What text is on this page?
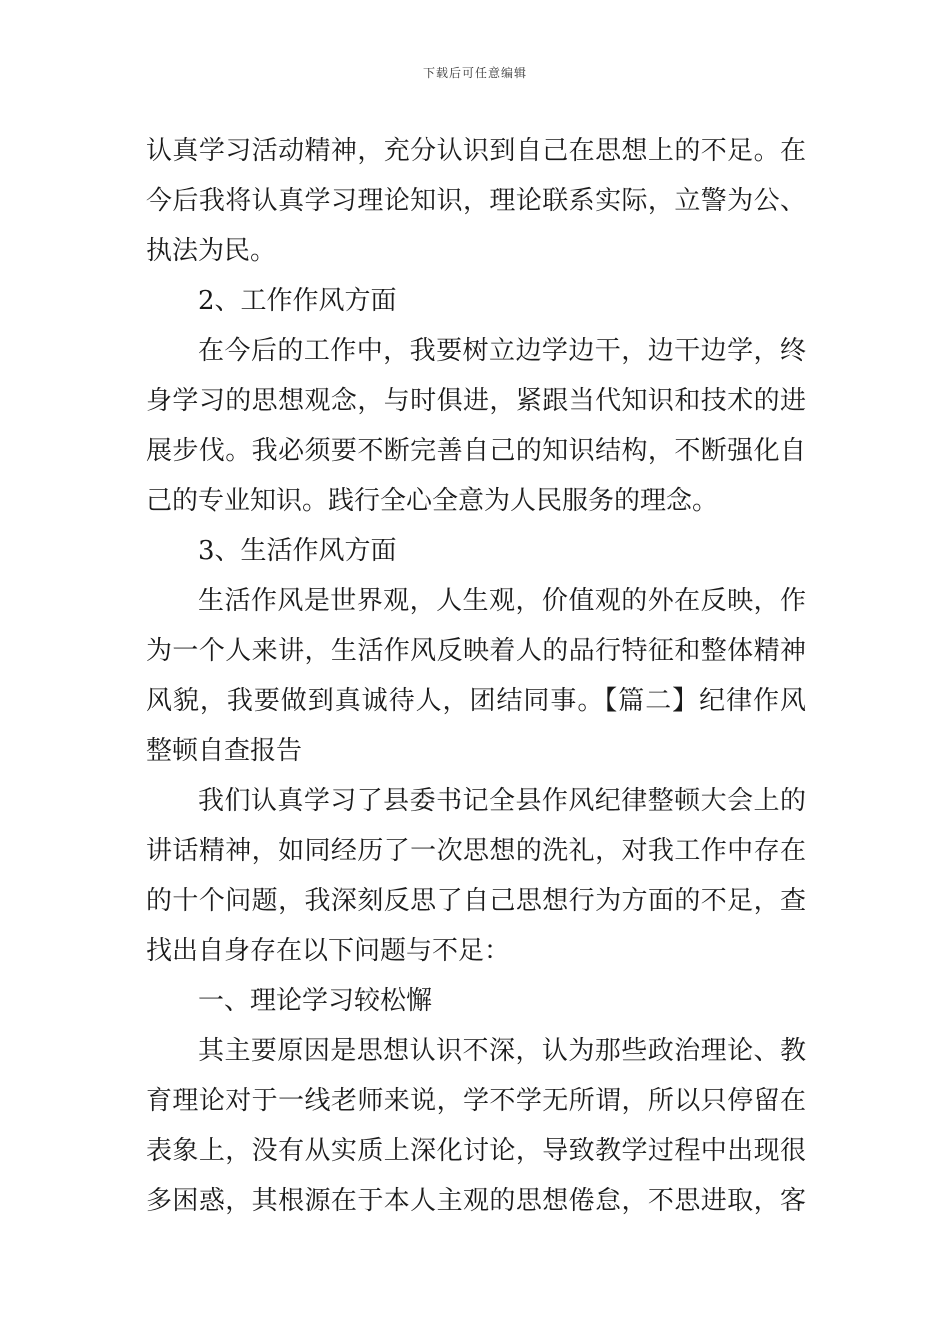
下载后可任意编辑
认真学习活动精神，充分认识到自己在思想上的不足。在
今后我将认真学习理论知识，理论联系实际，立警为公、
执法为民。
2、工作作风方面
在今后的工作中，我要树立边学边干，边干边学，终
身学习的思想观念，与时俱进，紧跟当代知识和技术的进
展步伐。我必须要不断完善自己的知识结构，不断强化自
己的专业知识。践行全心全意为人民服务的理念。
3、生活作风方面
生活作风是世界观，人生观，价值观的外在反映，作
为一个人来讲，生活作风反映着人的品行特征和整体精神
风貌，我要做到真诚待人，团结同事。【篇二】纪律作风
整顿自查报告
我们认真学习了县委书记全县作风纪律整顿大会上的
讲话精神，如同经历了一次思想的洗礼，对我工作中存在
的十个问题，我深刻反思了自己思想行为方面的不足，查
找出自身存在以下问题与不足：
一、理论学习较松懈
其主要原因是思想认识不深，认为那些政治理论、教
育理论对于一线老师来说，学不学无所谓，所以只停留在
表象上，没有从实质上深化讨论，导致教学过程中出现很
多困惑，其根源在于本人主观的思想倦怠，不思进取，客
